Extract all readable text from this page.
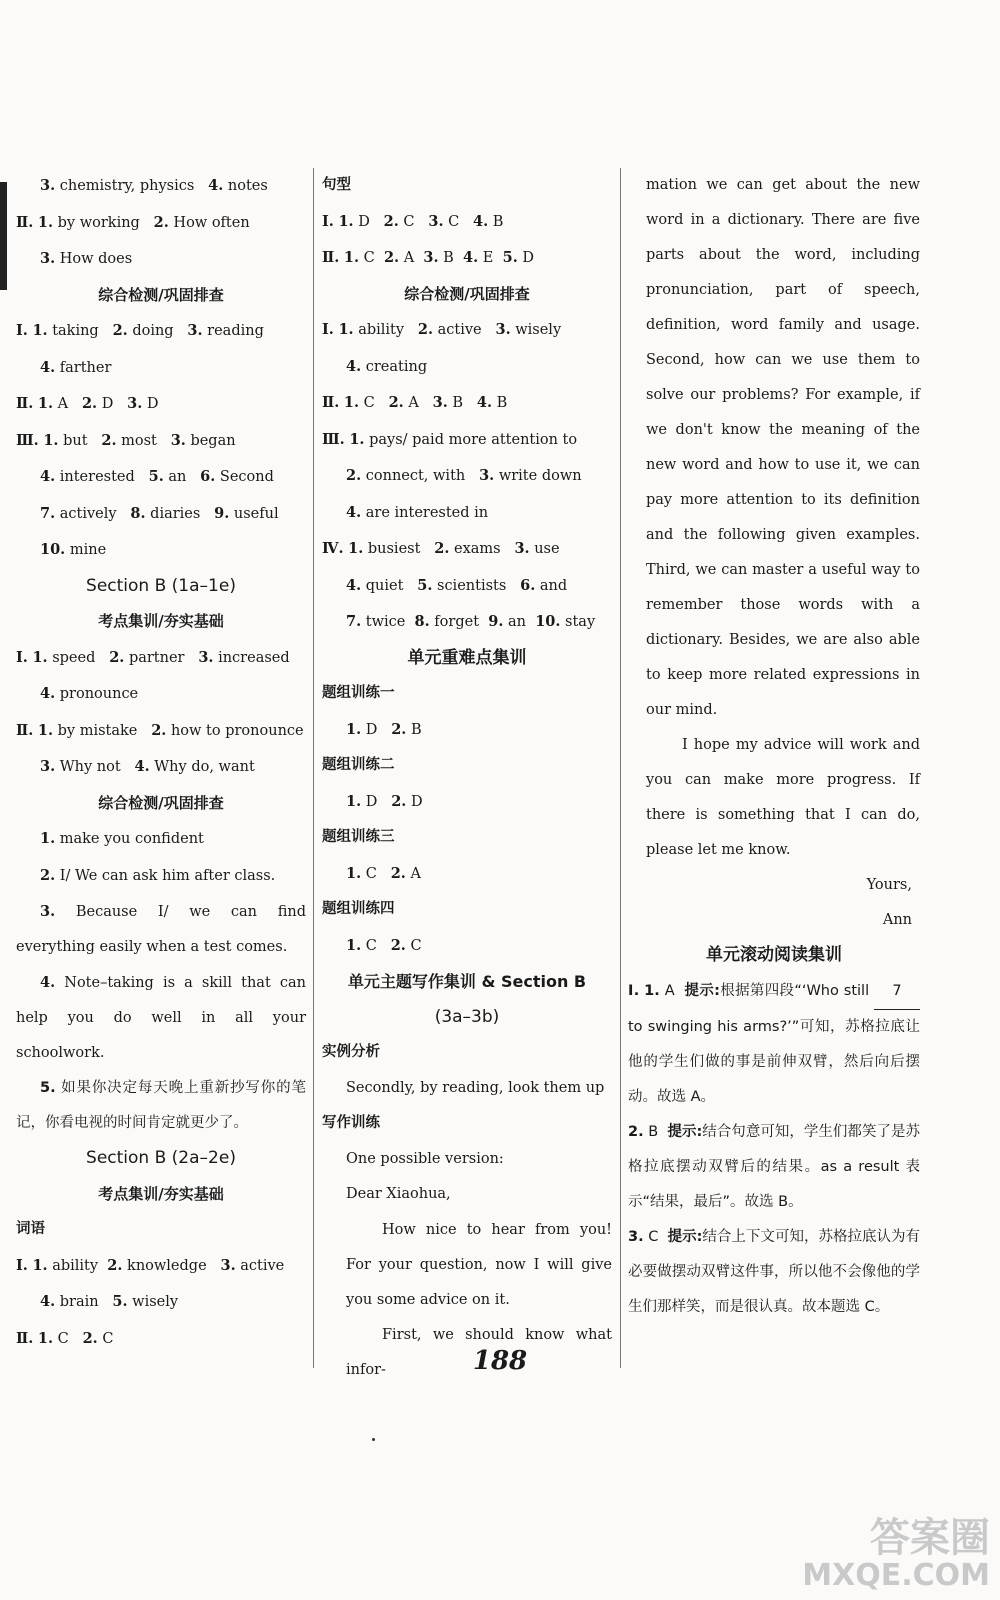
3. chemistry, physics 4. notes
Ⅱ. 1. by working 2. How often
3. How does
综合检测/巩固排查
Ⅰ. 1. taking 2. doing 3. reading
4. farther
Ⅱ. 1. A 2. D 3. D
Ⅲ. 1. but 2. most 3. began
4. interested 5. an 6. Second
7. actively 8. diaries 9. useful
10. mine
Section B (1a–1e)
考点集训/夯实基础
Ⅰ. 1. speed 2. partner 3. increased
4. pronounce
Ⅱ. 1. by mistake 2. how to pronounce
3. Why not 4. Why do, want
综合检测/巩固排查
1. make you confident
2. I/ We can ask him after class.
3. Because I/ we can find everything easily when a test comes.
4. Note–taking is a skill that can help you do well in all your schoolwork.
5. 如果你决定每天晚上重新抄写你的笔记，你看电视的时间肯定就更少了。
Section B (2a–2e)
考点集训/夯实基础
词语
Ⅰ. 1. ability 2. knowledge 3. active
4. brain 5. wisely
Ⅱ. 1. C 2. C
句型
Ⅰ. 1. D 2. C 3. C 4. B
Ⅱ. 1. C 2. A 3. B 4. E 5. D
综合检测/巩固排查
Ⅰ. 1. ability 2. active 3. wisely
4. creating
Ⅱ. 1. C 2. A 3. B 4. B
Ⅲ. 1. pays/ paid more attention to
2. connect, with 3. write down
4. are interested in
Ⅳ. 1. busiest 2. exams 3. use
4. quiet 5. scientists 6. and
7. twice 8. forget 9. an 10. stay
单元重难点集训
题组训练一
1. D 2. B
题组训练二
1. D 2. D
题组训练三
1. C 2. A
题组训练四
1. C 2. C
单元主题写作集训 & Section B
(3a–3b)
实例分析
Secondly, by reading, look them up
写作训练
One possible version:
Dear Xiaohua,
How nice to hear from you! For your question, now I will give you some advice on it.
First, we should know what infor-
mation we can get about the new word in a dictionary. There are five parts about the word, including pronunciation, part of speech, definition, word family and usage. Second, how can we use them to solve our problems? For example, if we don't know the meaning of the new word and how to use it, we can pay more attention to its definition and the following given examples. Third, we can master a useful way to remember those words with a dictionary. Besides, we are also able to keep more related expressions in our mind.
I hope my advice will work and you can make more progress. If there is something that I can do, please let me know.
Yours,
Ann
单元滚动阅读集训
Ⅰ. 1. A 提示:根据第四段“‘Who still 7 to swinging his arms?’”可知，苏格拉底让他的学生们做的事是前伸双臂，然后向后摆动。故选 A。
2. B 提示:结合句意可知，学生们都笑了是苏格拉底摆动双臂后的结果。as a result 表示“结果，最后”。故选 B。
3. C 提示:结合上下文可知，苏格拉底认为有必要做摆动双臂这件事，所以他不会像他的学生们那样笑，而是很认真。故本题选 C。
188
答案圈
MXQE.COM
